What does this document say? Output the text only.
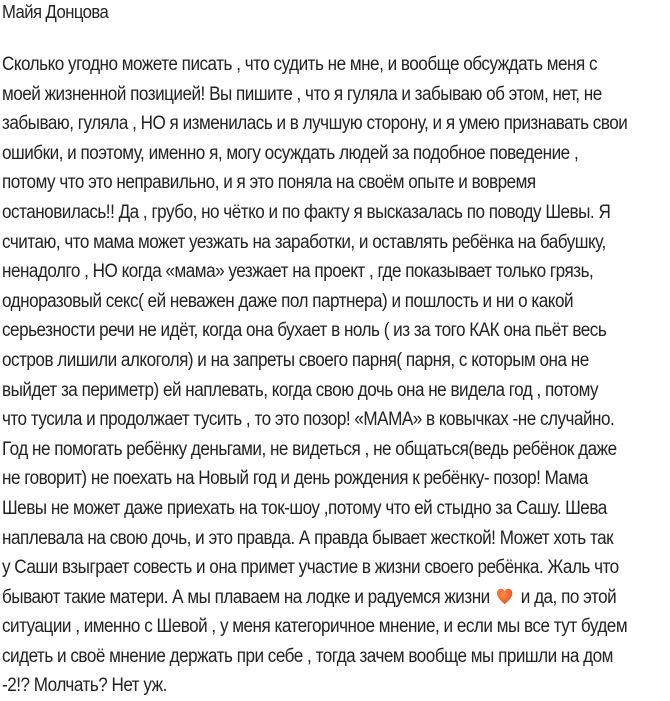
Майя Донцова
Сколько угодно можете писать , что судить не мне, и вообще обсуждать меня с
моей жизненной позицией! Вы пишите , что я гуляла и забываю об этом, нет, не
забываю, гуляла , НО я изменилась и в лучшую сторону, и я умею признавать свои
ошибки, и поэтому, именно я, могу осуждать людей за подобное поведение ,
потому что это неправильно, и я это поняла на своём опыте и вовремя
остановилась!! Да , грубо, но чётко и по факту я высказалась по поводу Шевы. Я
считаю, что мама может уезжать на заработки, и оставлять ребёнка на бабушку,
ненадолго , НО когда «мама» уезжает на проект , где показывает только грязь,
одноразовый секс( ей неважен даже пол партнера) и пошлость и ни о какой
серьезности речи не идёт, когда она бухает в ноль ( из за того КАК она пьёт весь
остров лишили алкоголя) и на запреты своего парня( парня, с которым она не
выйдет за периметр) ей наплевать, когда свою дочь она не видела год , потому
что тусила и продолжает тусить , то это позор! «МАМА» в ковычках -не случайно.
Год не помогать ребёнку деньгами, не видеться , не общаться(ведь ребёнок даже
не говорит) не поехать на Новый год и день рождения к ребёнку- позор! Мама
Шевы не может даже приехать на ток-шоу ,потому что ей стыдно за Сашу. Шева
наплевала на свою дочь, и это правда. А правда бывает жесткой! Может хоть так
у Саши взыграет совесть и она примет участие в жизни своего ребёнка. Жаль что
бывают такие матери. А мы плаваем на лодке и радуемся жизни и да, по этой
ситуации , именно с Шевой , у меня категоричное мнение, и если мы все тут будем
сидеть и своё мнение держать при себе , тогда зачем вообще мы пришли на дом
-2!? Молчать? Нет уж.
